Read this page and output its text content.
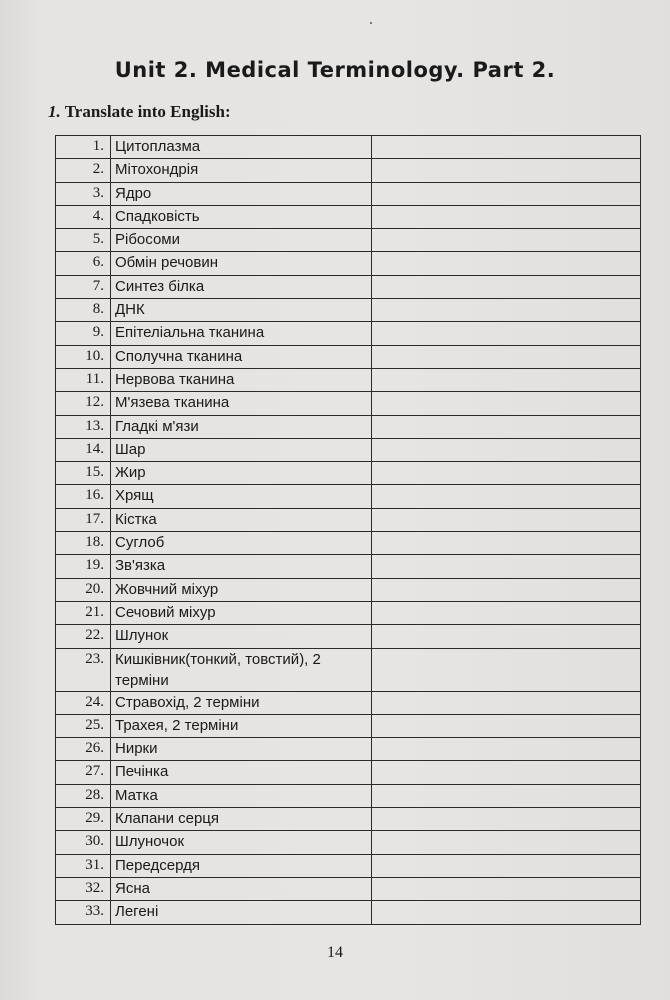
Unit 2. Medical Terminology. Part 2.
1. Translate into English:
1.	Цитоплазма	
2.	Мітохондрія	
3.	Ядро	
4.	Спадковість	
5.	Рібосоми	
6.	Обмін речовин	
7.	Синтез білка	
8.	ДНК	
9.	Епітеліальна тканина	
10.	Сполучна тканина	
11.	Нервова тканина	
12.	М'язева тканина	
13.	Гладкі м'язи	
14.	Шар	
15.	Жир	
16.	Хрящ	
17.	Кістка	
18.	Суглоб	
19.	Зв'язка	
20.	Жовчний міхур	
21.	Сечовий міхур	
22.	Шлунок	
23.	Кишківник(тонкий, товстий), 2 терміни	
24.	Стравохід, 2 терміни	
25.	Трахея, 2 терміни	
26.	Нирки	
27.	Печінка	
28.	Матка	
29.	Клапани серця	
30.	Шлуночок	
31.	Передсердя	
32.	Ясна	
33.	Легені	
14
